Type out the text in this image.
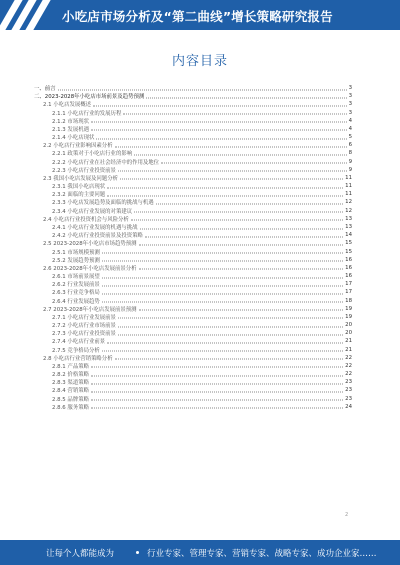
小吃店市场分析及“第二曲线”增长策略研究报告
内容目录
一、前言	3
二、2023-2028年小吃店市场前景及趋势预测	3
2.1 小吃店发展概述	3
2.1.1 小吃店行业的发展历程	3
2.1.2 市场现状	4
2.1.3 发展机遇	4
2.1.4 小吃店现状	5
2.2 小吃店行业影响因素分析	6
2.2.1 政策对于小吃店行业的影响	8
2.2.2 小吃店行业在社会经济中的作用及地位	9
2.2.3 小吃店行业投资前景	9
2.3 我国小吃店发展及问题分析	11
2.3.1 我国小吃店现状	11
2.3.2 面临的主要问题	11
2.3.3 小吃店发展趋势及面临的挑战与机遇	12
2.3.4 小吃店行业发展的对策建议	12
2.4 小吃店行业投资机会与风险分析	13
2.4.1 小吃店行业发展的机遇与挑战	13
2.4.2 小吃店行业投资前景及投资策略	14
2.5 2023-2028年小吃店市场趋势预测	15
2.5.1 市场规模预测	15
2.5.2 发展趋势预测	16
2.6 2023-2028年小吃店发展前景分析	16
2.6.1 市场前景展望	16
2.6.2 行业发展前景	17
2.6.3 行业竞争格局	17
2.6.4 行业发展趋势	18
2.7 2023-2028年小吃店发展前景预测	19
2.7.1 小吃店行业发展前景	19
2.7.2 小吃店行业市场前景	20
2.7.3 小吃店行业投资前景	20
2.7.4 小吃店行业前景	21
2.7.5 竞争格局分析	21
2.8 小吃店行业营销策略分析	22
2.8.1 产品策略	22
2.8.2 价格策略	22
2.8.3 渠道策略	23
2.8.4 营销策略	23
2.8.5 品牌策略	23
2.8.6 服务策略	24
2
让每个人都能成为	行业专家、管理专家、营销专家、战略专家、成功企业家……
